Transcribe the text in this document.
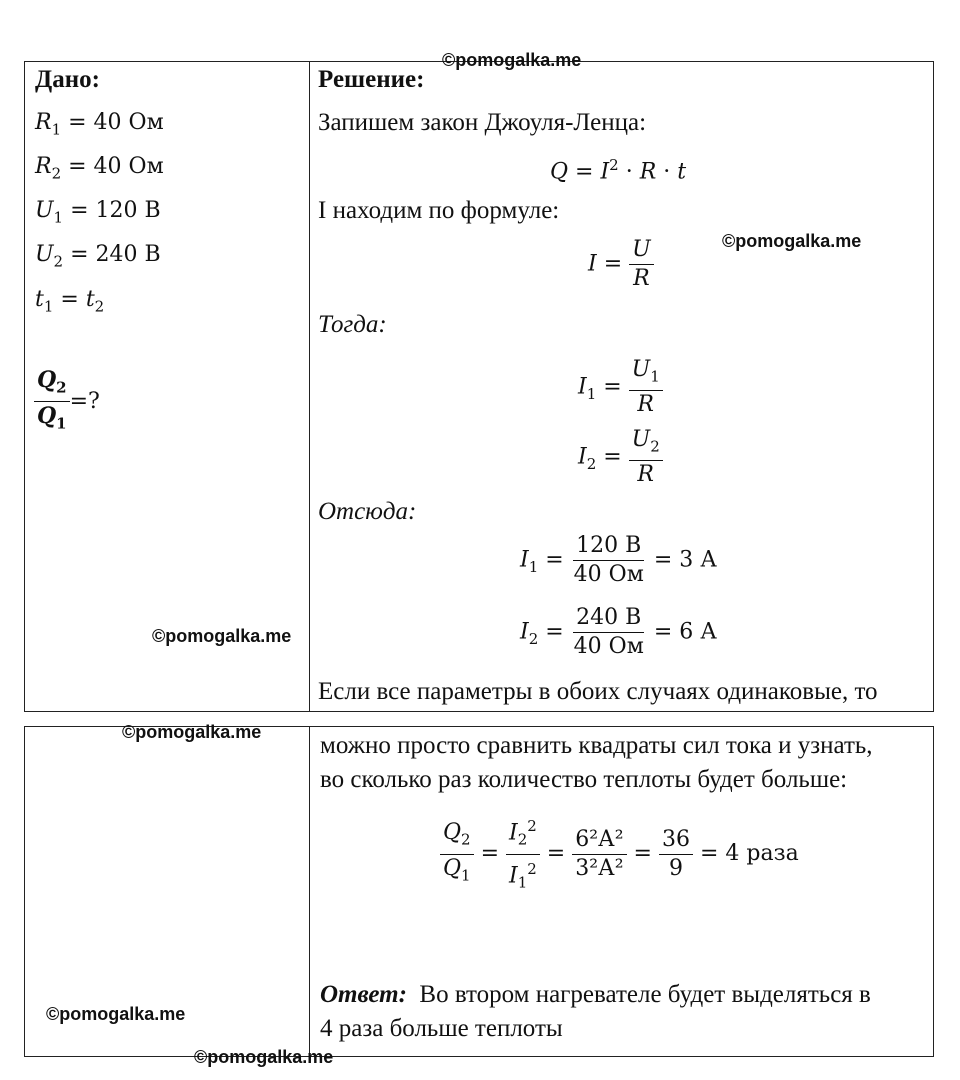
©pomogalka.me
©pomogalka.me
©pomogalka.me
©pomogalka.me
©pomogalka.me
©pomogalka.me
Дано:
$R_1 = 40$ Ом
$R_2 = 40$ Ом
$U_1 = 120$ В
$U_2 = 240$ В
$t_1 = t_2$
$\frac{Q_2}{Q_1}$ =?
Решение:
Запишем закон Джоуля-Ленца:
$Q = I^2 \cdot R \cdot t$
I находим по формуле:
$I = \frac{U}{R}$
Тогда:
$I_1 = \frac{U_1}{R}$
$I_2 = \frac{U_2}{R}$
Отсюда:
$I_1 = \frac{120 В}{40 Ом} = 3$ А
$I_2 = \frac{240 В}{40 Ом} = 6$ А
Если все параметры в обоих случаях одинаковые, то
можно просто сравнить квадраты сил тока и узнать,
во сколько раз количество теплоты будет больше:
$\frac{Q_2}{Q_1} = \frac{I_2^2}{I_1^2} = \frac{\text{6²А²}}{\text{3²А²}} = \frac{36}{9} = 4$ раза
Ответ: Во втором нагревателе будет выделяться в
4 раза больше теплоты
